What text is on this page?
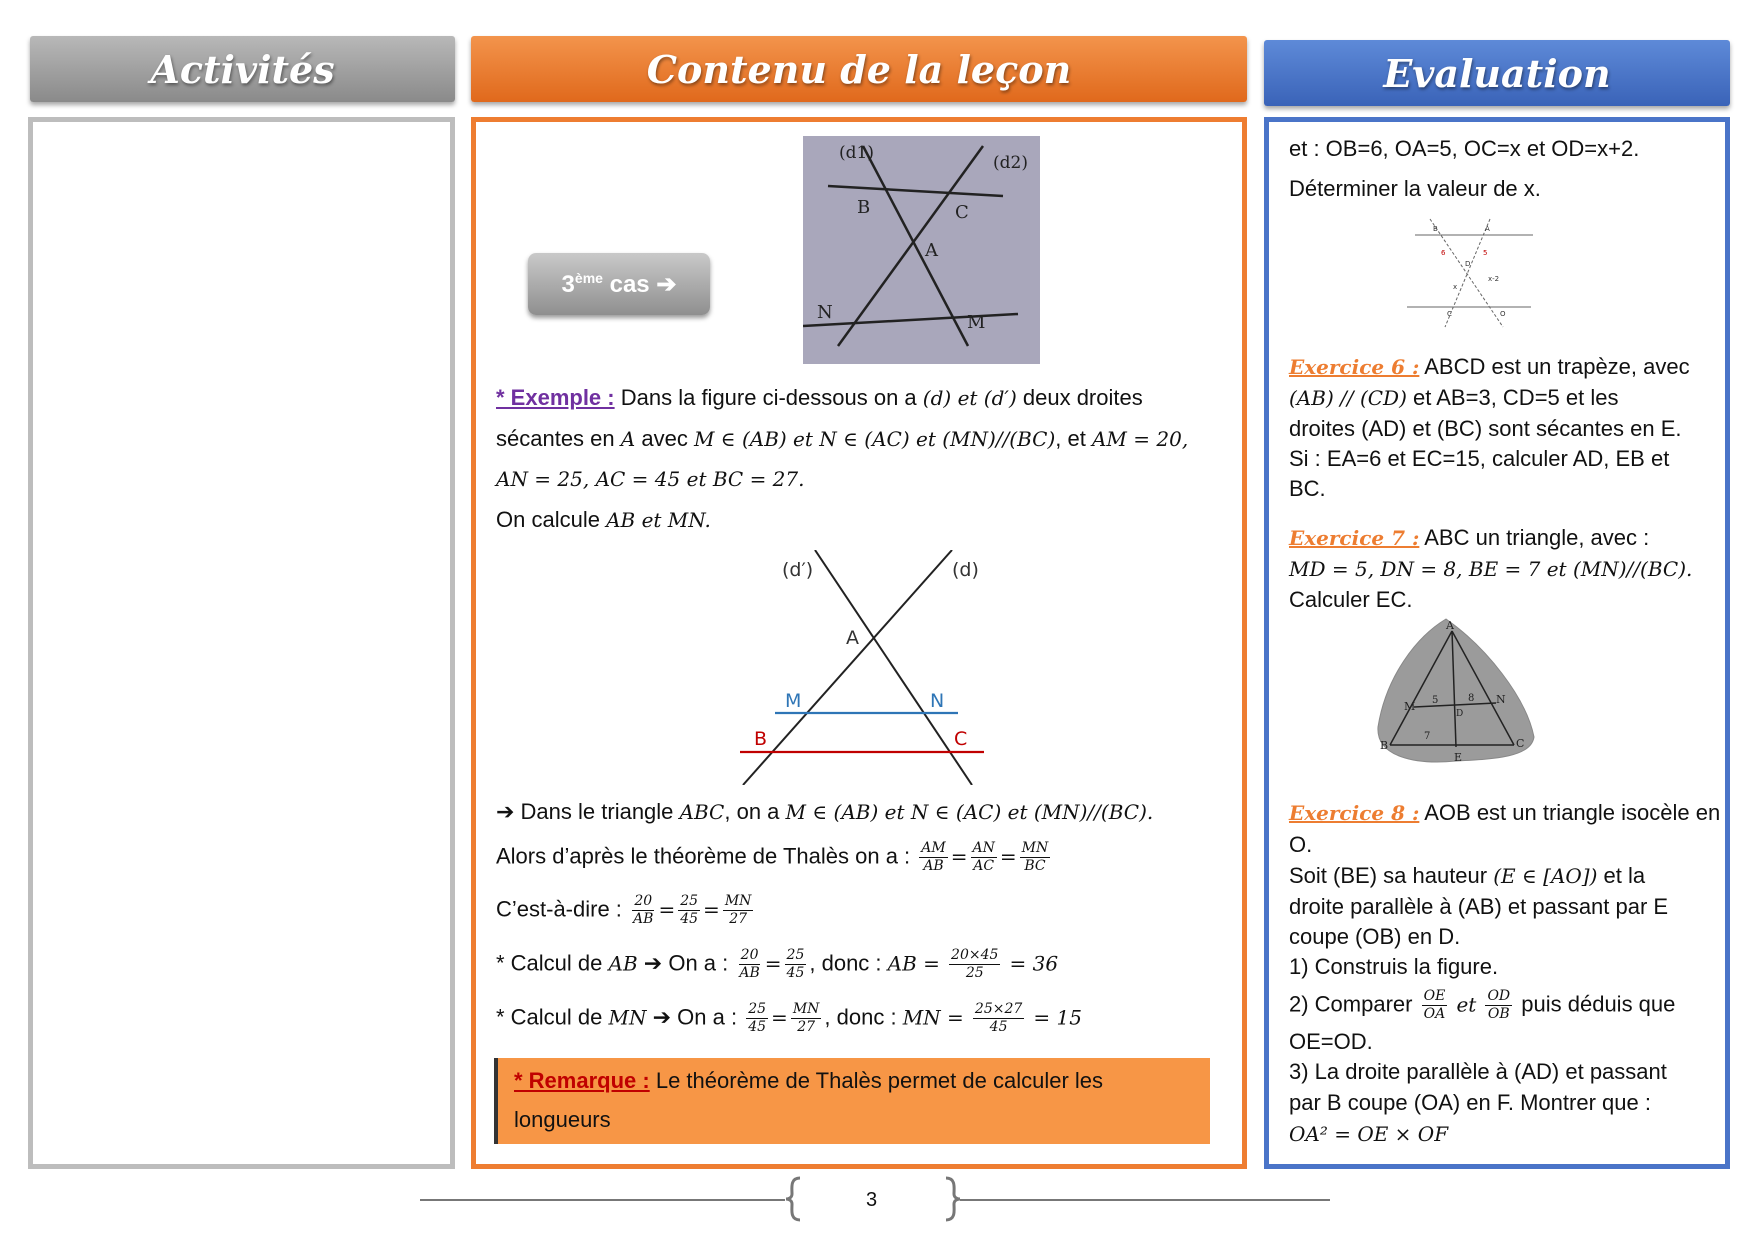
Activités	Contenu de la leçon	Evaluation
3ème cas ➔
(d1)	(d2)
B	C
A
N	M
* Exemple : Dans la figure ci-dessous on a (d) et (d′) deux droites
sécantes en A avec M ∈ (AB) et N ∈ (AC) et (MN)//(BC), et AM = 20,
AN = 25, AC = 45 et BC = 27.
On calcule AB et MN.
(d′)	(d)
A
M	N
B	C
➔ Dans le triangle ABC, on a M ∈ (AB) et N ∈ (AC) et (MN)//(BC).
Alors d’après le théorème de Thalès on a : $\frac{AM}{AB} = \frac{AN}{AC} = \frac{MN}{BC}$
C’est-à-dire : $\frac{20}{AB} = \frac{25}{45} = \frac{MN}{27}$
* Calcul de AB ➔ On a : $\frac{20}{AB} = \frac{25}{45}$ , donc : AB = $\frac{20\times 45}{25} = 36$
* Calcul de MN ➔ On a : $\frac{25}{45} = \frac{MN}{27}$ , donc : MN = $\frac{25\times 27}{45} = 15$
* Remarque : Le théorème de Thalès permet de calculer les
longueurs
et : OB=6, OA=5, OC=x et OD=x+2.
Déterminer la valeur de x.
B	A
6	5
D
x
x-2
C	O
Exercice 6 : ABCD est un trapèze, avec
(AB) // (CD) et AB=3, CD=5 et les
droites (AD) et (BC) sont sécantes en E.
Si : EA=6 et EC=15, calculer AD, EB et
BC.
Exercice 7 : ABC un triangle, avec :
MD = 5, DN = 8, BE = 7 et (MN)//(BC).
Calculer EC.
A
M 5	8 N
D
B
7
C
E
Exercice 8 : AOB est un triangle isocèle en
O.
Soit (BE) sa hauteur (E ∈ [AO]) et la
droite parallèle à (AB) et passant par E
coupe (OB) en D.
1) Construis la figure.
2) Comparer $\frac{OE}{OA}$ et $\frac{OD}{OB}$ puis déduis que
OE=OD.
3) La droite parallèle à (AD) et passant
par B coupe (OA) en F. Montrer que :
OA² = OE × OF
3
